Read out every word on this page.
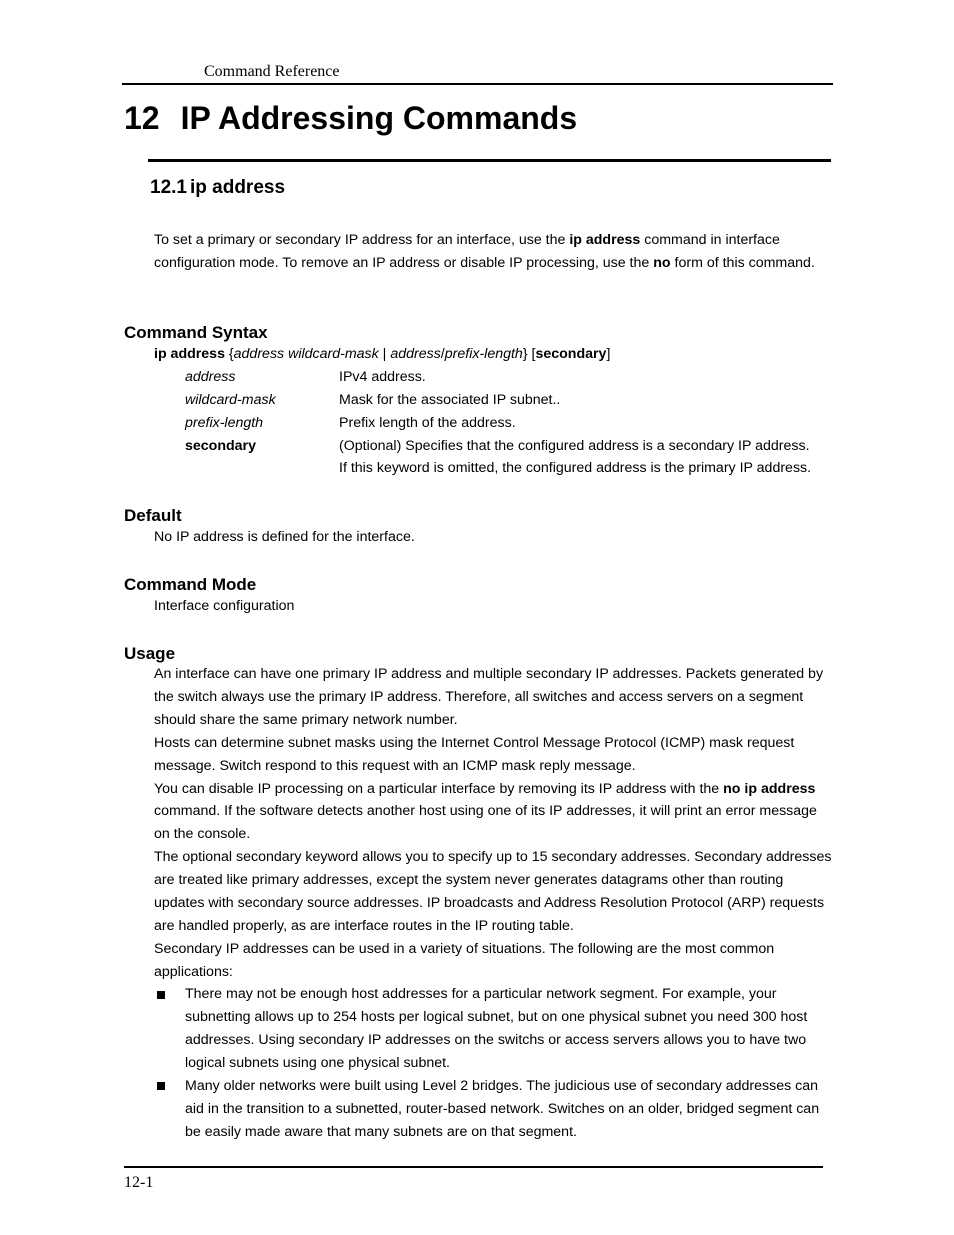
Command Reference
12 IP Addressing Commands
12.1 ip address
To set a primary or secondary IP address for an interface, use the ip address command in interface configuration mode. To remove an IP address or disable IP processing, use the no form of this command.
Command Syntax
ip address {address wildcard-mask | address/prefix-length} [secondary]
address	IPv4 address.
wildcard-mask	Mask for the associated IP subnet..
prefix-length	Prefix length of the address.
secondary	(Optional) Specifies that the configured address is a secondary IP address.
If this keyword is omitted, the configured address is the primary IP address.
Default
No IP address is defined for the interface.
Command Mode
Interface configuration
Usage
An interface can have one primary IP address and multiple secondary IP addresses. Packets generated by the switch always use the primary IP address. Therefore, all switches and access servers on a segment should share the same primary network number.
Hosts can determine subnet masks using the Internet Control Message Protocol (ICMP) mask request message. Switch respond to this request with an ICMP mask reply message.
You can disable IP processing on a particular interface by removing its IP address with the no ip address command. If the software detects another host using one of its IP addresses, it will print an error message on the console.
The optional secondary keyword allows you to specify up to 15 secondary addresses. Secondary addresses are treated like primary addresses, except the system never generates datagrams other than routing updates with secondary source addresses. IP broadcasts and Address Resolution Protocol (ARP) requests are handled properly, as are interface routes in the IP routing table.
Secondary IP addresses can be used in a variety of situations. The following are the most common applications:
There may not be enough host addresses for a particular network segment. For example, your subnetting allows up to 254 hosts per logical subnet, but on one physical subnet you need 300 host addresses. Using secondary IP addresses on the switchs or access servers allows you to have two logical subnets using one physical subnet.
Many older networks were built using Level 2 bridges. The judicious use of secondary addresses can aid in the transition to a subnetted, router-based network. Switches on an older, bridged segment can be easily made aware that many subnets are on that segment.
12-1
